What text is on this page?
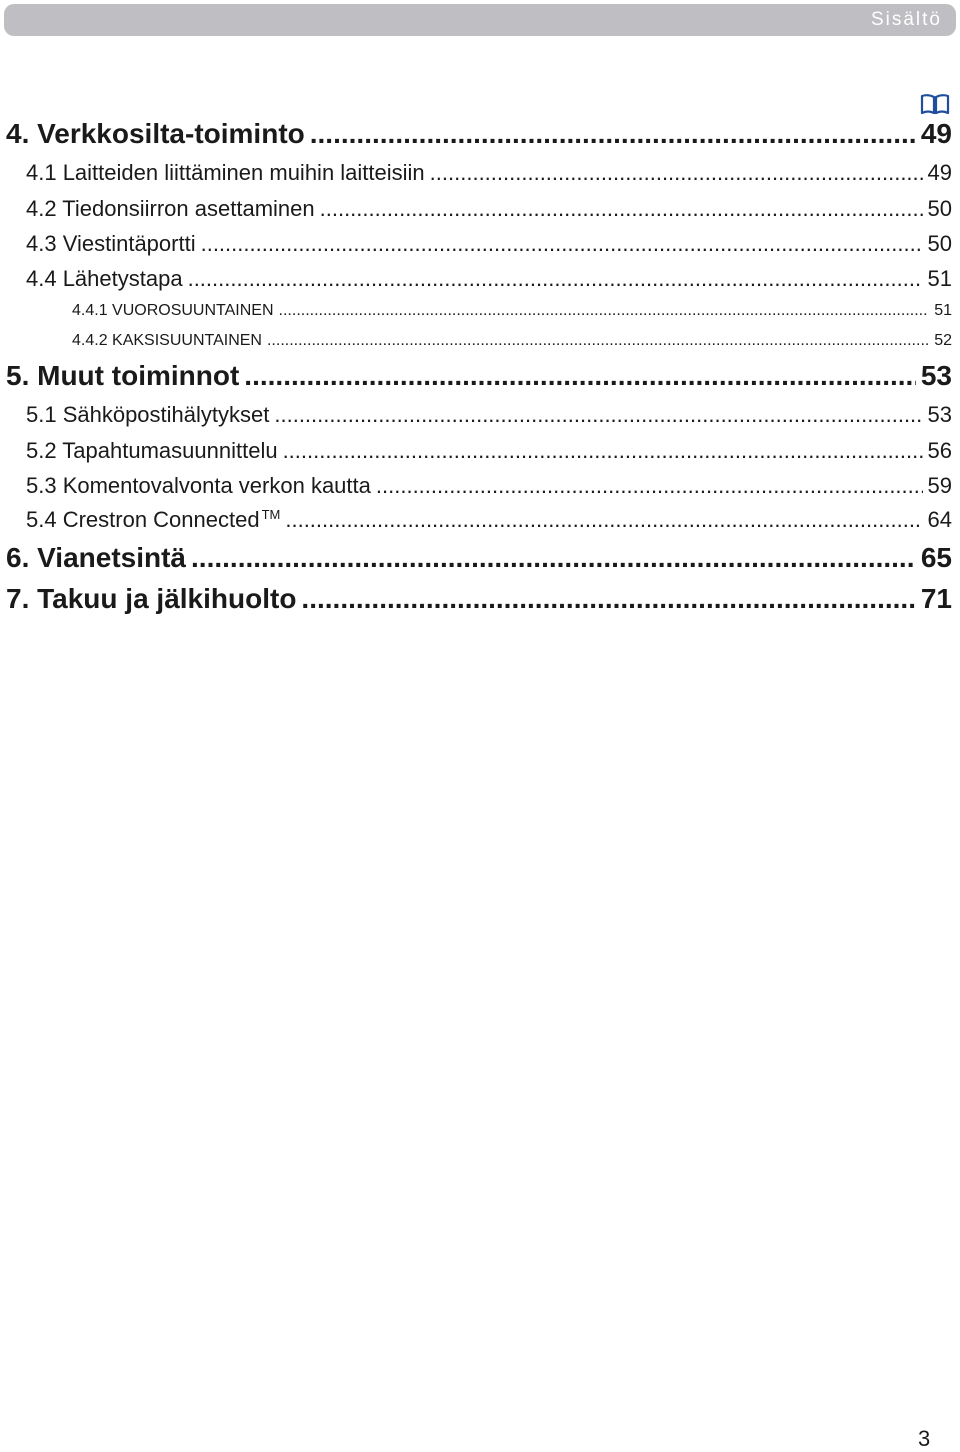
Sisältö
4. Verkkosilta-toiminto .....	49
4.1 Laitteiden liittäminen muihin laitteisiin .....	49
4.2 Tiedonsiirron asettaminen .....	50
4.3 Viestintäportti .....	50
4.4 Lähetystapa .....	51
4.4.1 VUOROSUUNTAINEN .....	51
4.4.2 KAKSISUUNTAINEN .....	52
5. Muut toiminnot .....	53
5.1 Sähköpostihälytykset .....	53
5.2 Tapahtumasuunnittelu .....	56
5.3 Komentovalvonta verkon kautta .....	59
5.4 Crestron Connected ™ .....	64
6. Vianetsintä .....	65
7. Takuu ja jälkihuolto .....	71
3
